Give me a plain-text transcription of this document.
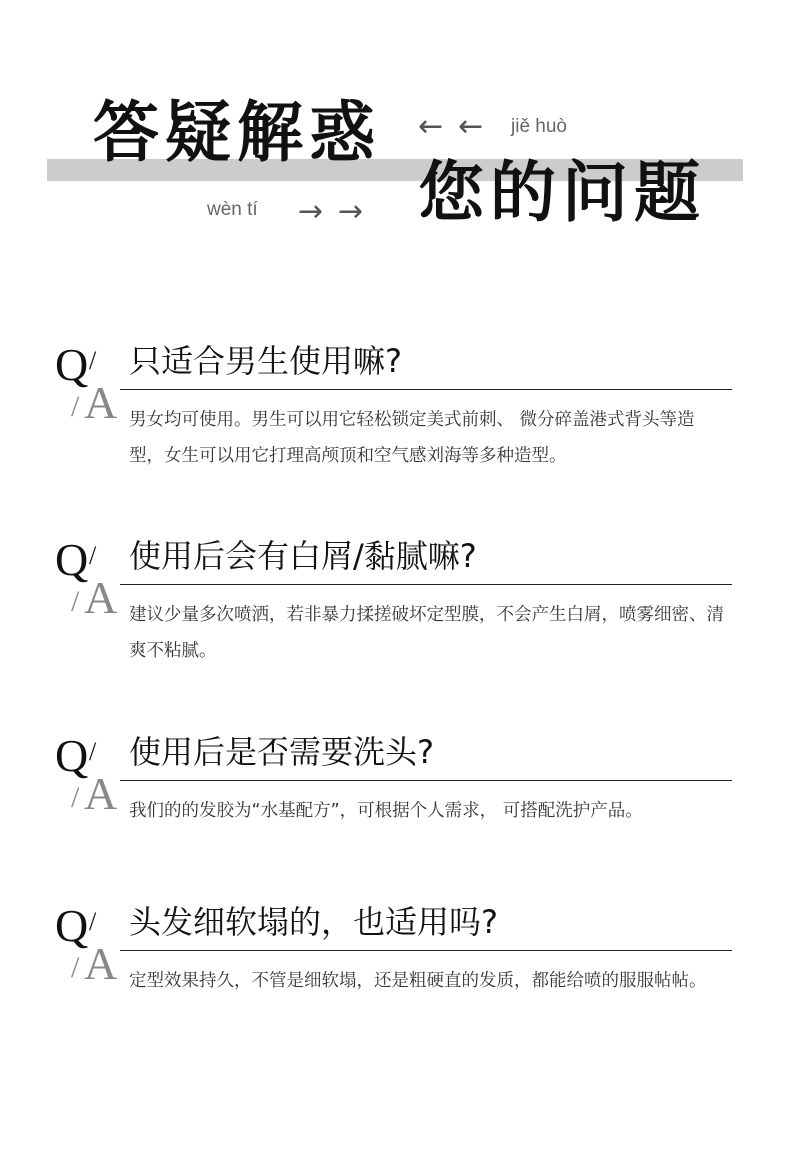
答疑解惑
您的问题
← ← jiě huò
wèn tí → →
Q /
/ A
只适合男生使用嘛?
男女均可使用。男生可以用它轻松锁定美式前刺、 微分碎盖港式背头等造型，女生可以用它打理高颅顶和空气感刘海等多种造型。
Q /
/ A
使用后会有白屑/黏腻嘛?
建议少量多次喷洒，若非暴力揉搓破坏定型膜，不会产生白屑，喷雾细密、清爽不粘腻。
Q /
/ A
使用后是否需要洗头?
我们的的发胶为“水基配方”，可根据个人需求， 可搭配洗护产品。
Q /
/ A
头发细软塌的，也适用吗?
定型效果持久，不管是细软塌，还是粗硬直的发质，都能给喷的服服帖帖。
